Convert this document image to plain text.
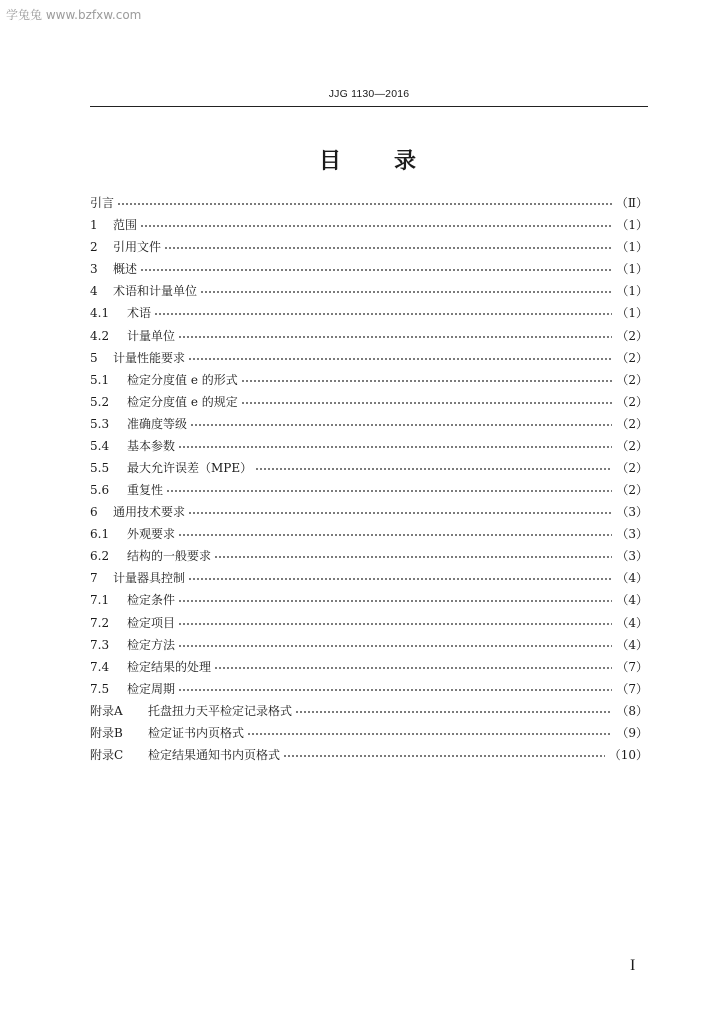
学兔兔 www.bzfxw.com
JJG 1130—2016
目　　录
引言	（Ⅱ）
1	范围	（1）
2	引用文件	（1）
3	概述	（1）
4	术语和计量单位	（1）
4.1	术语	（1）
4.2	计量单位	（2）
5	计量性能要求	（2）
5.1	检定分度值 e 的形式	（2）
5.2	检定分度值 e 的规定	（2）
5.3	准确度等级	（2）
5.4	基本参数	（2）
5.5	最大允许误差（MPE）	（2）
5.6	重复性	（2）
6	通用技术要求	（3）
6.1	外观要求	（3）
6.2	结构的一般要求	（3）
7	计量器具控制	（4）
7.1	检定条件	（4）
7.2	检定项目	（4）
7.3	检定方法	（4）
7.4	检定结果的处理	（7）
7.5	检定周期	（7）
附录A	托盘扭力天平检定记录格式	（8）
附录B	检定证书内页格式	（9）
附录C	检定结果通知书内页格式	（10）
I
